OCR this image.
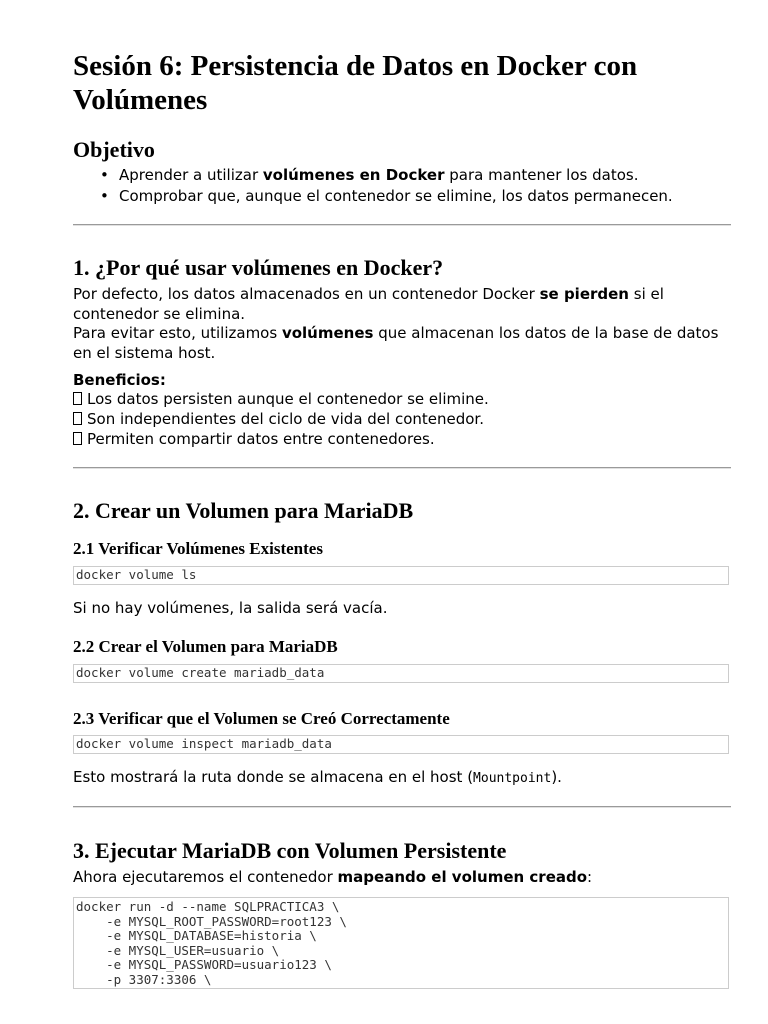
Sesión 6: Persistencia de Datos en Docker con Volúmenes
Objetivo
• Aprender a utilizar volúmenes en Docker para mantener los datos.
• Comprobar que, aunque el contenedor se elimine, los datos permanecen.
1. ¿Por qué usar volúmenes en Docker?

Por defecto, los datos almacenados en un contenedor Docker se pierden si el contenedor se elimina.

Para evitar esto, utilizamos volúmenes que almacenan los datos de la base de datos en el sistema host.

Beneficios:

Los datos persisten aunque el contenedor se elimine.

Son independientes del ciclo de vida del contenedor.

Permiten compartir datos entre contenedores.

2. Crear un Volumen para MariaDB
2.1 Verificar Volúmenes Existentes
docker volume ls

Si no hay volúmenes, la salida será vacía.

2.2 Crear el Volumen para MariaDB
docker volume create mariadb_data
2.3 Verificar que el Volumen se Creó Correctamente
docker volume inspect mariadb_data

Esto mostrará la ruta donde se almacena en el host (Mountpoint).

3. Ejecutar MariaDB con Volumen Persistente

Ahora ejecutaremos el contenedor mapeando el volumen creado:

docker run -d --name SQLPRACTICA3 \
-e MYSQL_ROOT_PASSWORD=root123 \
-e MYSQL_DATABASE=historia \
-e MYSQL_USER=usuario \
-e MYSQL_PASSWORD=usuario123 \
-p 3307:3306 \
